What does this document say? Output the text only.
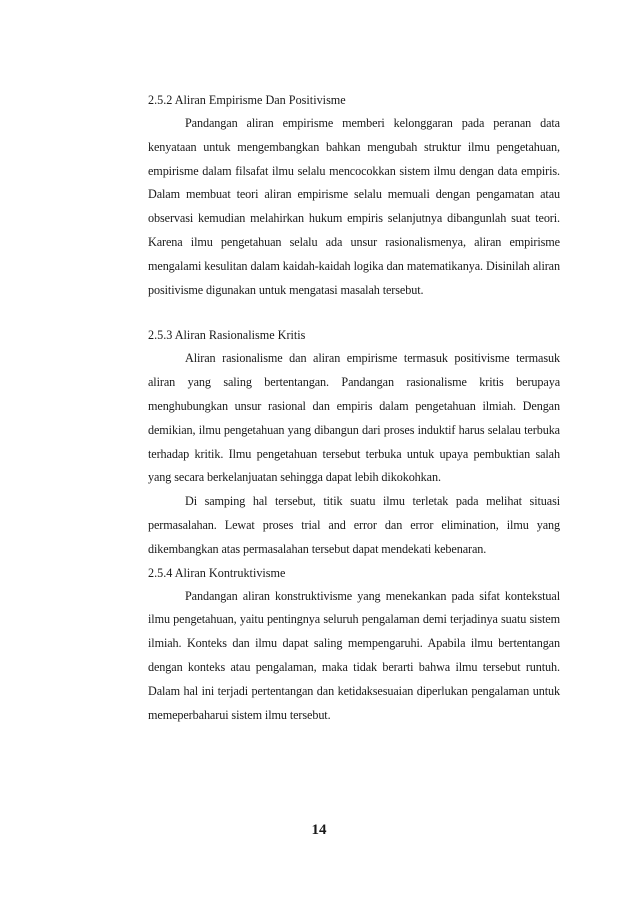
2.5.2 Aliran Empirisme Dan Positivisme

Pandangan aliran empirisme memberi kelonggaran pada peranan data kenyataan untuk mengembangkan bahkan mengubah struktur ilmu pengetahuan, empirisme dalam filsafat ilmu selalu mencocokkan sistem ilmu dengan data empiris. Dalam membuat teori aliran empirisme selalu memuali dengan pengamatan atau observasi kemudian melahirkan hukum empiris selanjutnya dibangunlah suat teori. Karena ilmu pengetahuan selalu ada unsur rasionalismenya, aliran empirisme mengalami kesulitan dalam kaidah-kaidah logika dan matematikanya. Disinilah aliran positivisme digunakan untuk mengatasi masalah tersebut.

2.5.3 Aliran Rasionalisme Kritis

Aliran rasionalisme dan aliran empirisme termasuk positivisme termasuk aliran yang saling bertentangan. Pandangan rasionalisme kritis berupaya menghubungkan unsur rasional dan empiris dalam pengetahuan ilmiah. Dengan demikian, ilmu pengetahuan yang dibangun dari proses induktif harus selalau terbuka terhadap kritik. Ilmu pengetahuan tersebut terbuka untuk upaya pembuktian salah yang secara berkelanjuatan sehingga dapat lebih dikokohkan.

Di samping hal tersebut, titik suatu ilmu terletak pada melihat situasi permasalahan. Lewat proses trial and error dan error elimination, ilmu yang dikembangkan atas permasalahan tersebut dapat mendekati kebenaran.

2.5.4 Aliran Kontruktivisme

Pandangan aliran konstruktivisme yang menekankan pada sifat kontekstual ilmu pengetahuan, yaitu pentingnya seluruh pengalaman demi terjadinya suatu sistem ilmiah. Konteks dan ilmu dapat saling mempengaruhi. Apabila ilmu bertentangan dengan konteks atau pengalaman, maka tidak berarti bahwa ilmu tersebut runtuh. Dalam hal ini terjadi pertentangan dan ketidaksesuaian diperlukan pengalaman untuk memeperbaharui sistem ilmu tersebut.

14
